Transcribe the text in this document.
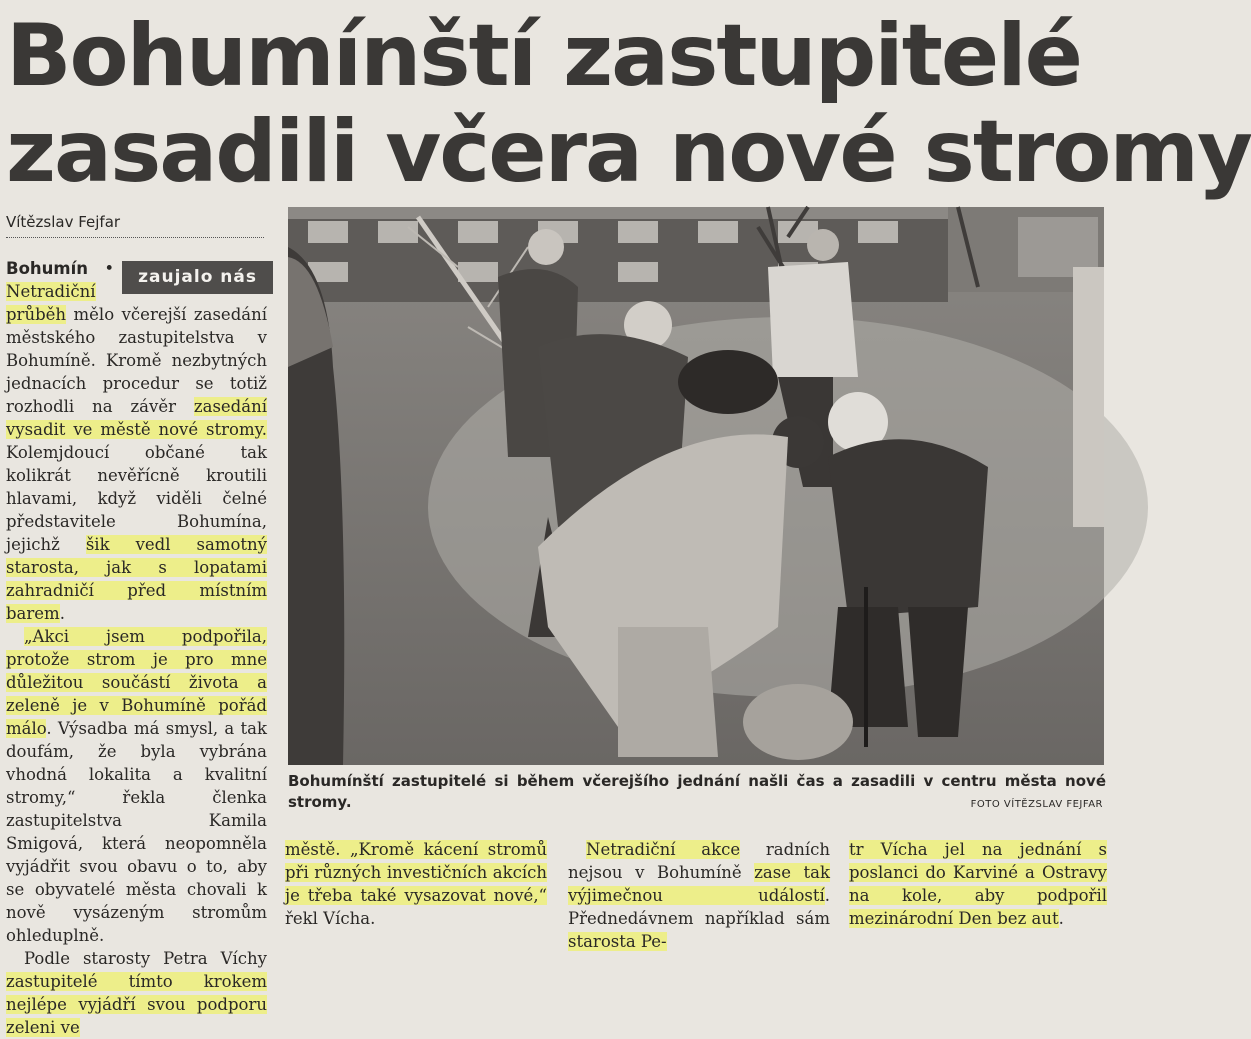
Bohumínští zastupitelé
zasadili včera nové stromy
Vítězslav Fejfar

zaujalo nás
Bohumín • Netradiční průběh mělo včerejší zasedání městského zastupitelstva v Bohumíně. Kromě nezbytných jednacích procedur se totiž rozhodli na závěr zasedání vysadit ve městě nové stromy. Kolemjdoucí občané tak kolikrát nevěřícně kroutili hlavami, když viděli čelné představitele Bohumína, jejichž šik vedl samotný starosta, jak s lopatami zahradničí před místním barem.

„Akci jsem podpořila, protože strom je pro mne důležitou součástí života a zeleně je v Bohumíně pořád málo. Výsadba má smysl, a tak doufám, že byla vybrána vhodná lokalita a kvalitní stromy,“ řekla členka zastupitelstva Kamila Smigová, která neopomněla vyjádřit svou obavu o to, aby se obyvatelé města chovali k nově vysázeným stromům ohleduplně.

Podle starosty Petra Víchy zastupitelé tímto krokem nejlépe vyjádří svou podporu zeleni ve

Bohumínští zastupitelé si během včerejšího jednání našli čas a zasadili v centru města nové stromy.	FOTO VÍTĚZSLAV FEJFAR

městě. „Kromě kácení stromů při různých investičních akcích je třeba také vysazovat nové,“ řekl Vícha.

Netradiční akce radních nejsou v Bohumíně zase tak výjimečnou událostí. Přednedávnem například sám starosta Pe-

tr Vícha jel na jednání s poslanci do Karviné a Ostravy na kole, aby podpořil mezinárodní Den bez aut.
